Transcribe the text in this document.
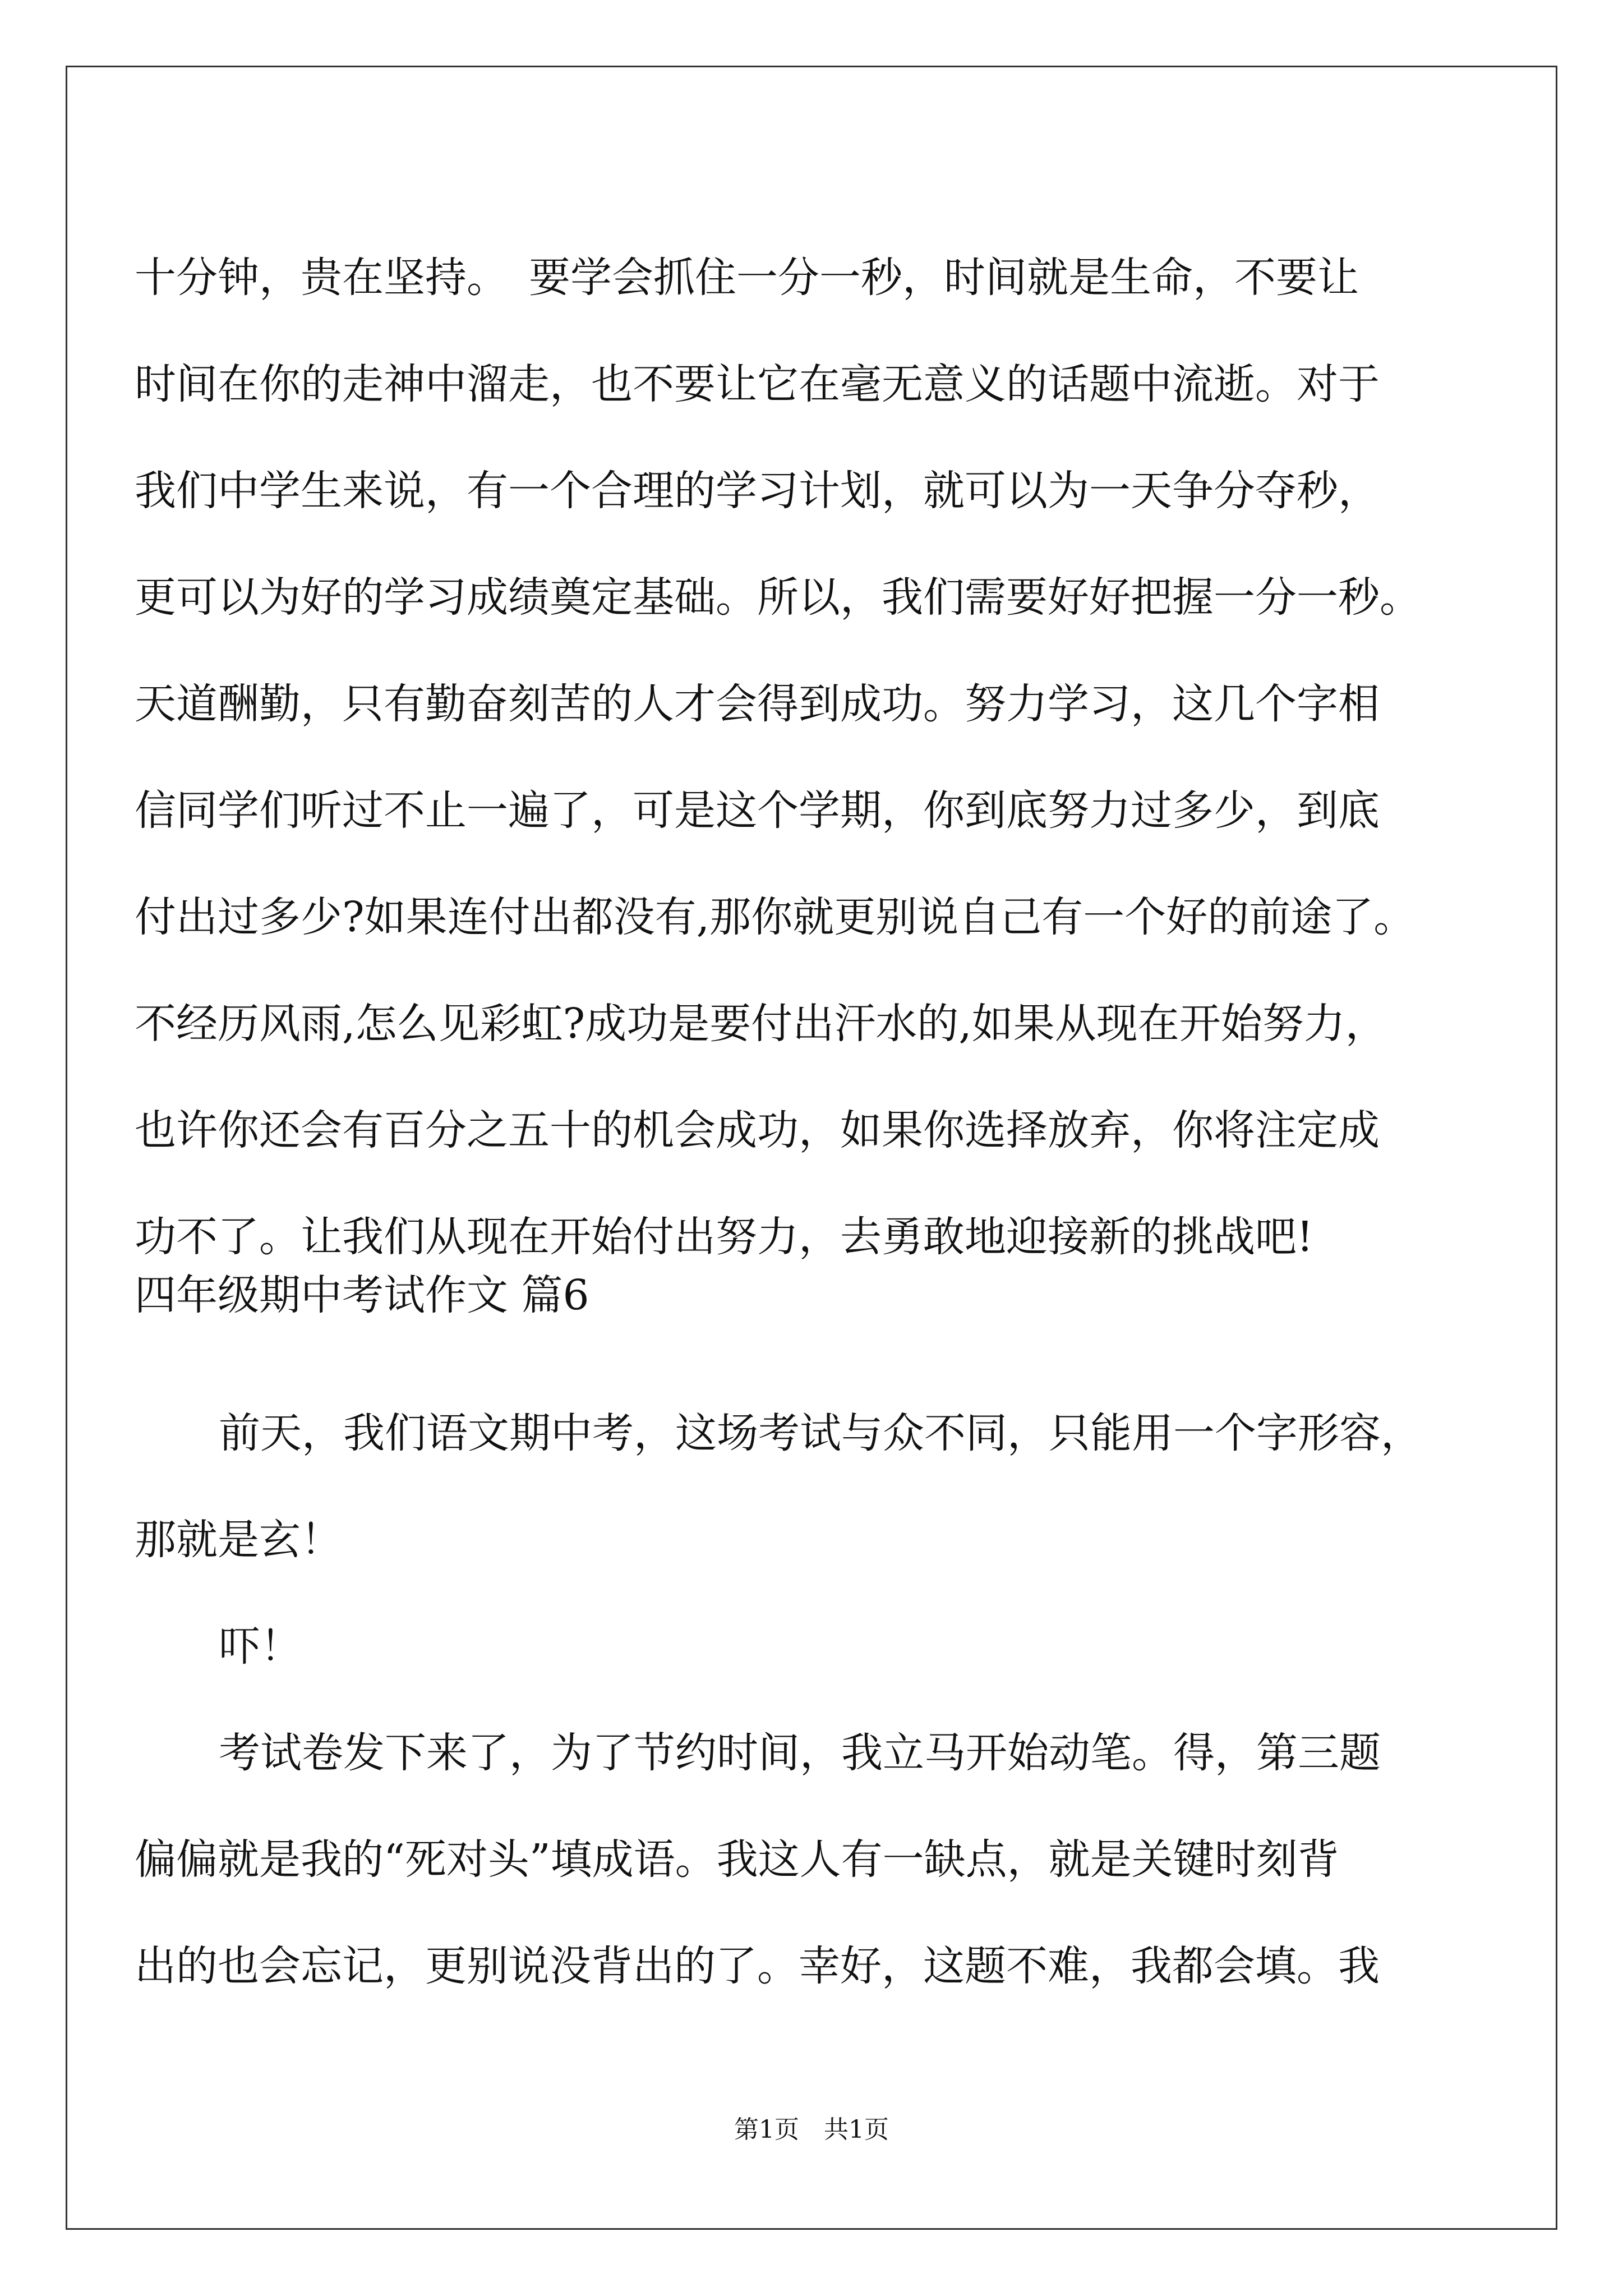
十分钟，贵在坚持。　要学会抓住一分一秒，时间就是生命，不要让

时间在你的走神中溜走，也不要让它在毫无意义的话题中流逝。对于

我们中学生来说，有一个合理的学习计划，就可以为一天争分夺秒，

更可以为好的学习成绩奠定基础。所以，我们需要好好把握一分一秒。

天道酬勤，只有勤奋刻苦的人才会得到成功。努力学习，这几个字相

信同学们听过不止一遍了，可是这个学期，你到底努力过多少，到底

付出过多少?如果连付出都没有,那你就更别说自己有一个好的前途了。

不经历风雨,怎么见彩虹?成功是要付出汗水的,如果从现在开始努力，

也许你还会有百分之五十的机会成功，如果你选择放弃，你将注定成

功不了。让我们从现在开始付出努力，去勇敢地迎接新的挑战吧!

四年级期中考试作文 篇6

前天，我们语文期中考，这场考试与众不同，只能用一个字形容，

那就是玄！

吓！

考试卷发下来了，为了节约时间，我立马开始动笔。得，第三题

偏偏就是我的“死对头”填成语。我这人有一缺点，就是关键时刻背

出的也会忘记，更别说没背出的了。幸好，这题不难，我都会填。我

第1页　共1页
